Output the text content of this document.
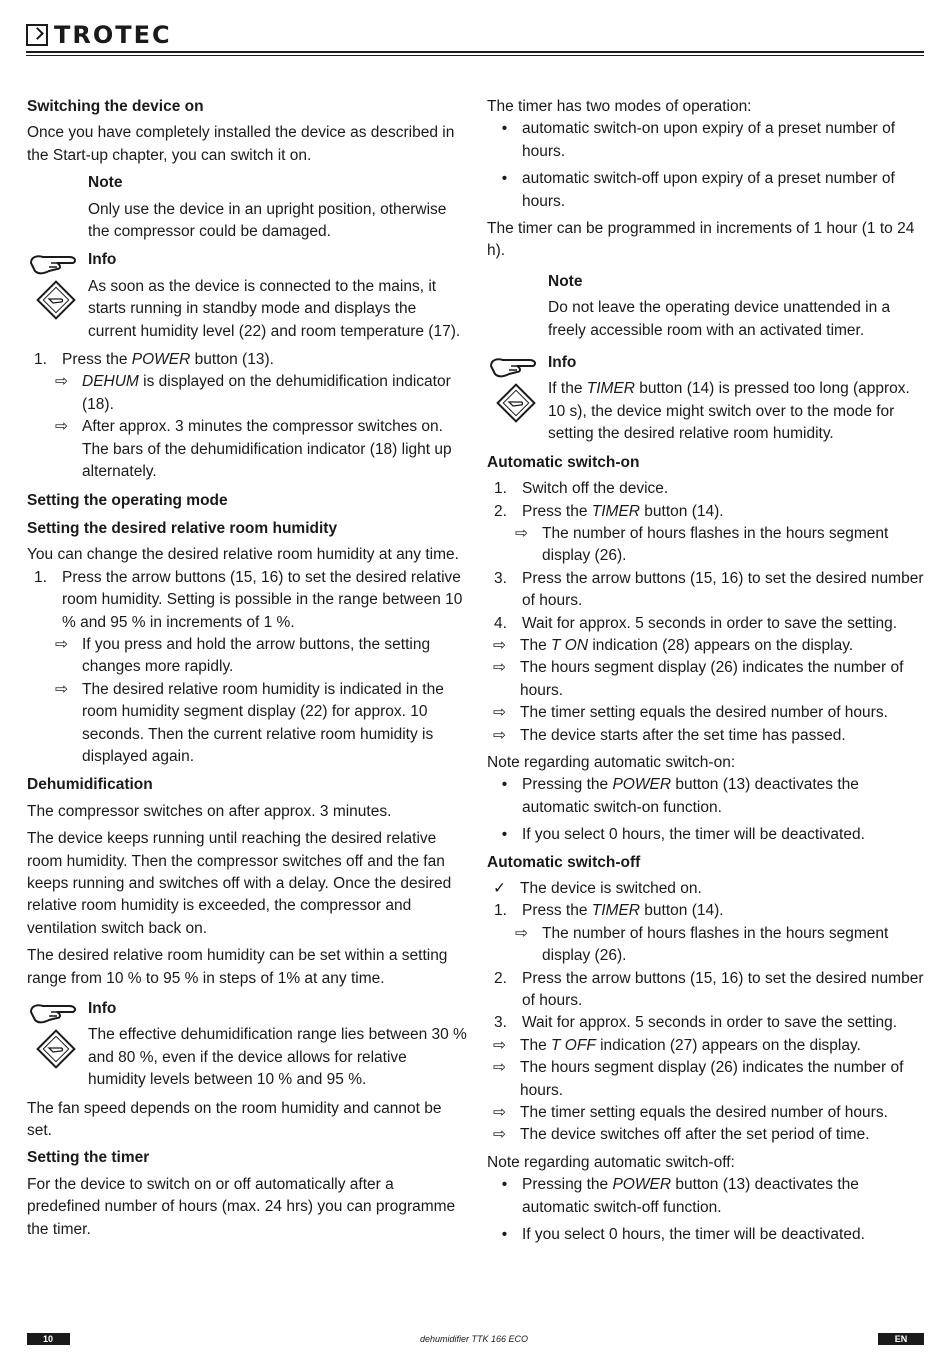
TROTEC
Switching the device on
Once you have completely installed the device as described in the Start-up chapter, you can switch it on.
Note
Only use the device in an upright position, otherwise the compressor could be damaged.
Info
As soon as the device is connected to the mains, it starts running in standby mode and displays the current humidity level (22) and room temperature (17).
1. Press the POWER button (13).
⇨ DEHUM is displayed on the dehumidification indicator (18).
⇨ After approx. 3 minutes the compressor switches on. The bars of the dehumidification indicator (18) light up alternately.
Setting the operating mode
Setting the desired relative room humidity
You can change the desired relative room humidity at any time.
1. Press the arrow buttons (15, 16) to set the desired relative room humidity. Setting is possible in the range between 10 % and 95 % in increments of 1 %.
⇨ If you press and hold the arrow buttons, the setting changes more rapidly.
⇨ The desired relative room humidity is indicated in the room humidity segment display (22) for approx. 10 seconds. Then the current relative room humidity is displayed again.
Dehumidification
The compressor switches on after approx. 3 minutes.
The device keeps running until reaching the desired relative room humidity. Then the compressor switches off and the fan keeps running and switches off with a delay. Once the desired relative room humidity is exceeded, the compressor and ventilation switch back on.
The desired relative room humidity can be set within a setting range from 10 % to 95 % in steps of 1% at any time.
Info
The effective dehumidification range lies between 30 % and 80 %, even if the device allows for relative humidity levels between 10 % and 95 %.
The fan speed depends on the room humidity and cannot be set.
Setting the timer
For the device to switch on or off automatically after a predefined number of hours (max. 24 hrs) you can programme the timer.
The timer has two modes of operation:
• automatic switch-on upon expiry of a preset number of hours.
• automatic switch-off upon expiry of a preset number of hours.
The timer can be programmed in increments of 1 hour (1 to 24 h).
Note
Do not leave the operating device unattended in a freely accessible room with an activated timer.
Info
If the TIMER button (14) is pressed too long (approx. 10 s), the device might switch over to the mode for setting the desired relative room humidity.
Automatic switch-on
1. Switch off the device.
2. Press the TIMER button (14).
⇨ The number of hours flashes in the hours segment display (26).
3. Press the arrow buttons (15, 16) to set the desired number of hours.
4. Wait for approx. 5 seconds in order to save the setting.
⇨ The T ON indication (28) appears on the display.
⇨ The hours segment display (26) indicates the number of hours.
⇨ The timer setting equals the desired number of hours.
⇨ The device starts after the set time has passed.
Note regarding automatic switch-on:
• Pressing the POWER button (13) deactivates the automatic switch-on function.
• If you select 0 hours, the timer will be deactivated.
Automatic switch-off
✓ The device is switched on.
1. Press the TIMER button (14).
⇨ The number of hours flashes in the hours segment display (26).
2. Press the arrow buttons (15, 16) to set the desired number of hours.
3. Wait for approx. 5 seconds in order to save the setting.
⇨ The T OFF indication (27) appears on the display.
⇨ The hours segment display (26) indicates the number of hours.
⇨ The timer setting equals the desired number of hours.
⇨ The device switches off after the set period of time.
Note regarding automatic switch-off:
• Pressing the POWER button (13) deactivates the automatic switch-off function.
• If you select 0 hours, the timer will be deactivated.
10	dehumidifier TTK 166 ECO	EN
